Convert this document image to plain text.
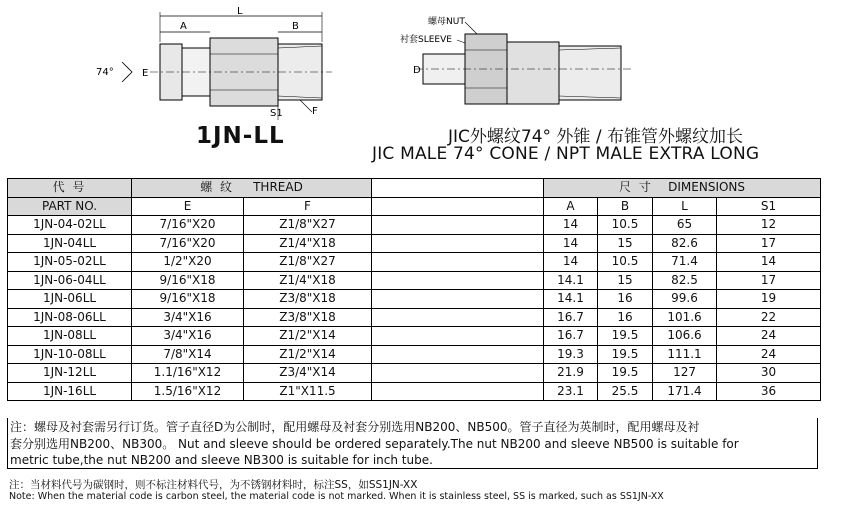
L
A	B
74°	E
S1	F
螺母NUT
衬套SLEEVE
D
1JN-LL	JIC外螺纹74° 外锥 / 布锥管外螺纹加长
JIC MALE 74° CONE / NPT MALE EXTRA LONG
代 号	螺 纹 THREAD			尺 寸 DIMENSIONS			
PART NO.	E	F		A	B	L	S1
1JN-04-02LL	7/16"X20	Z1/8"X27		14	10.5	65	12
1JN-04LL	7/16"X20	Z1/4"X18		14	15	82.6	17
1JN-05-02LL	1/2"X20	Z1/8"X27		14	10.5	71.4	14
1JN-06-04LL	9/16"X18	Z1/4"X18		14.1	15	82.5	17
1JN-06LL	9/16"X18	Z3/8"X18		14.1	16	99.6	19
1JN-08-06LL	3/4"X16	Z3/8"X18		16.7	16	101.6	22
1JN-08LL	3/4"X16	Z1/2"X14		16.7	19.5	106.6	24
1JN-10-08LL	7/8"X14	Z1/2"X14		19.3	19.5	111.1	24
1JN-12LL	1.1/16"X12	Z3/4"X14		21.9	19.5	127	30
1JN-16LL	1.5/16"X12	Z1"X11.5		23.1	25.5	171.4	36
注：螺母及衬套需另行订货。管子直径D为公制时，配用螺母及衬套分别选用NB200、NB500。管子直径为英制时，配用螺母及衬
套分别选用NB200、NB300。 Nut and sleeve should be ordered separately.The nut NB200 and sleeve NB500 is suitable for
metric tube,the nut NB200 and sleeve NB300 is suitable for inch tube.
注：当材料代号为碳钢时，则不标注材料代号，为不锈钢材料时，标注SS，如SS1JN-XX
Note: When the material code is carbon steel, the material code is not marked. When it is stainless steel, SS is marked, such as SS1JN-XX
